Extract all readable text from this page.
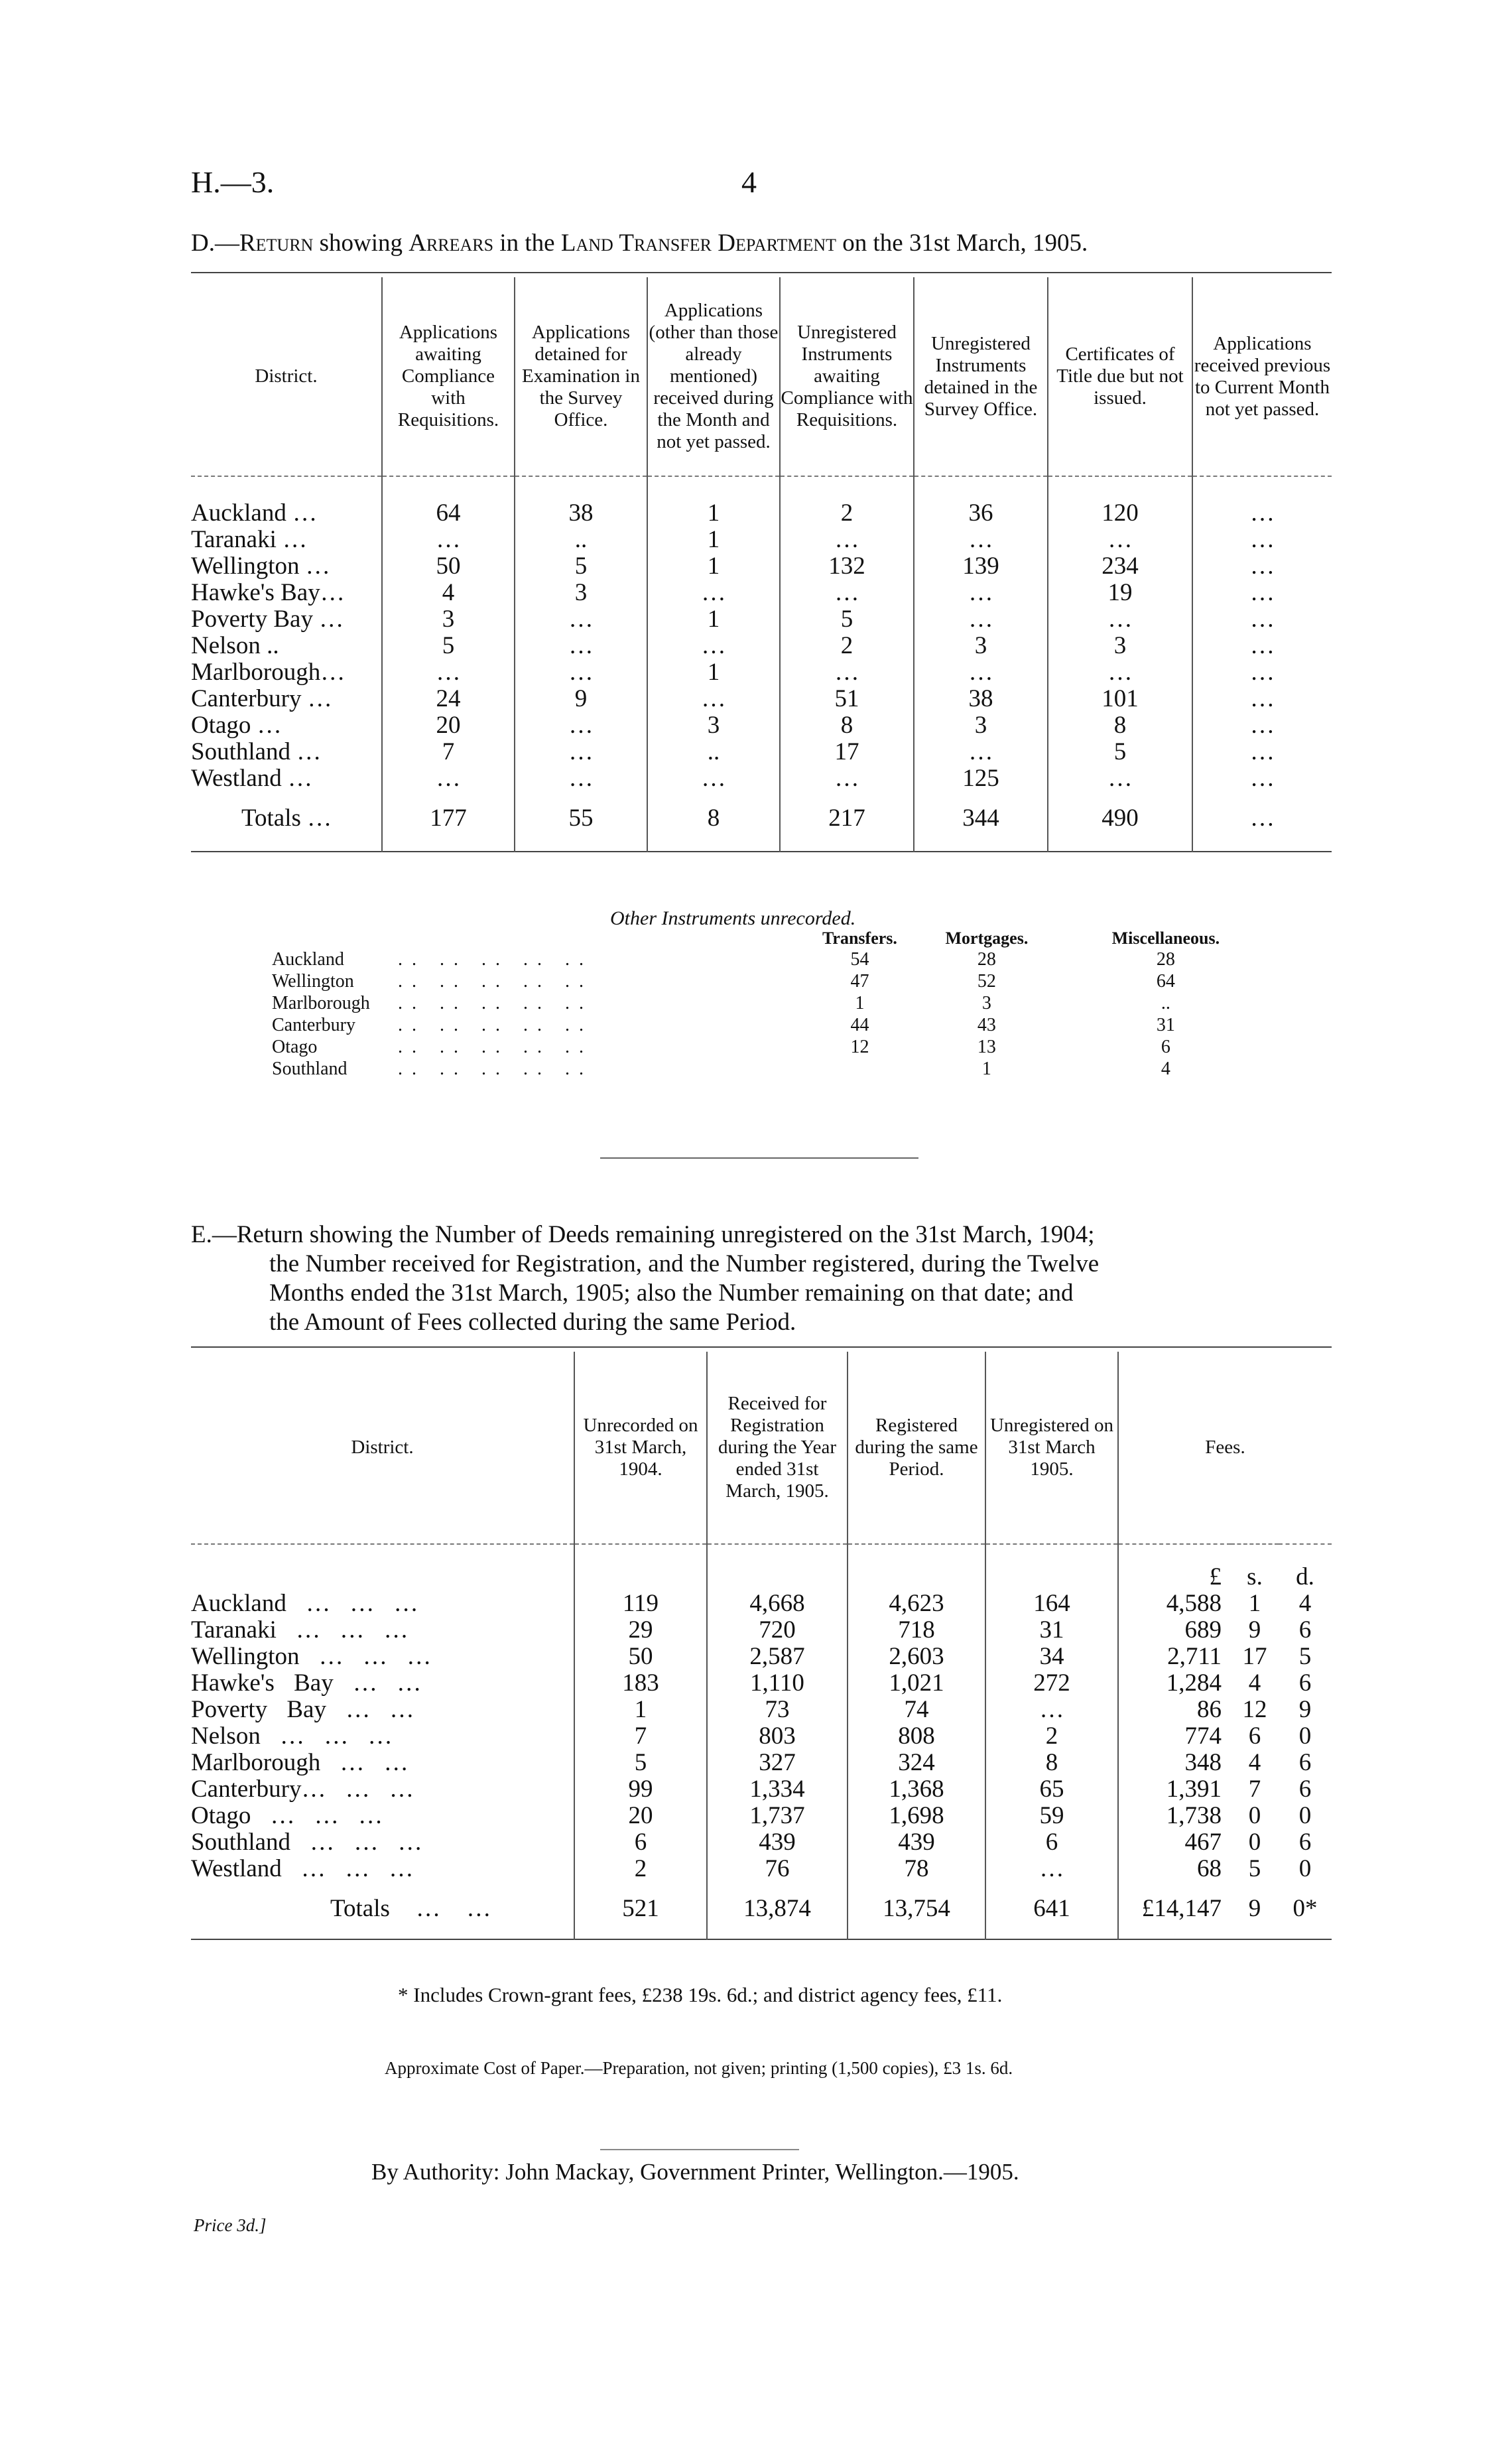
H.—3.	4
D.—Return showing Arrears in the Land Transfer Department on the 31st March, 1905.
District.	Applications awaiting Compliance with Requisitions.	Applications detained for Examination in the Survey Office.	Applications (other than those already mentioned) received during the Month and not yet passed.	Unregistered Instruments awaiting Compliance with Requisitions.	Unregistered Instruments detained in the Survey Office.	Certificates of Title due but not issued.	Applications received previous to Current Month not yet passed.

Auckland …	64	38	1	2	36	120	…
Taranaki …	…	..	1	…	…	…	…
Wellington …	50	5	1	132	139	234	…
Hawke's Bay…	4	3	…	…	…	19	…
Poverty Bay …	3	…	1	5	…	…	…
Nelson ..	5	…	…	2	3	3	…
Marlborough…	…	…	1	…	…	…	…
Canterbury …	24	9	…	51	38	101	…
Otago …	20	…	3	8	3	8	…
Southland …	7	…	..	17	…	5	…
Westland …	…	…	…	…	125	…	…

Totals …	177	55	8	217	344	490	…

Other Instruments unrecorded.
		Transfers.	Mortgages.	Miscellaneous.
Auckland	.. .. .. .. ..	54	28	28
Wellington	.. .. .. .. ..	47	52	64
Marlborough	.. .. .. .. ..	1	3	..
Canterbury	.. .. .. .. ..	44	43	31
Otago	.. .. .. .. ..	12	13	6
Southland	.. .. .. .. ..		1	4
E.—Return showing the Number of Deeds remaining unregistered on the 31st March, 1904;
the Number received for Registration, and the Number registered, during the Twelve
Months ended the 31st March, 1905; also the Number remaining on that date; and
the Amount of Fees collected during the same Period.
District.	Unrecorded on 31st March, 1904.	Received for Registration during the Year ended 31st March, 1905.	Registered during the same Period.	Unregistered on 31st March 1905.	Fees.		
					£	s.	d.
Auckland … … …	119	4,668	4,623	164	4,588	1	4
Taranaki … … …	29	720	718	31	689	9	6
Wellington … … …	50	2,587	2,603	34	2,711	17	5
Hawke's Bay … …	183	1,110	1,021	272	1,284	4	6
Poverty Bay … …	1	73	74	…	86	12	9
Nelson … … …	7	803	808	2	774	6	0
Marlborough … …	5	327	324	8	348	4	6
Canterbury… … …	99	1,334	1,368	65	1,391	7	6
Otago … … …	20	1,737	1,698	59	1,738	0	0
Southland … … …	6	439	439	6	467	0	6
Westland … … …	2	76	78	…	68	5	0

Totals … …	521	13,874	13,754	641	£14,147	9	0*

* Includes Crown-grant fees, £238 19s. 6d.; and district agency fees, £11.
Approximate Cost of Paper.—Preparation, not given; printing (1,500 copies), £3 1s. 6d.
By Authority: John Mackay, Government Printer, Wellington.—1905.
Price 3d.]
